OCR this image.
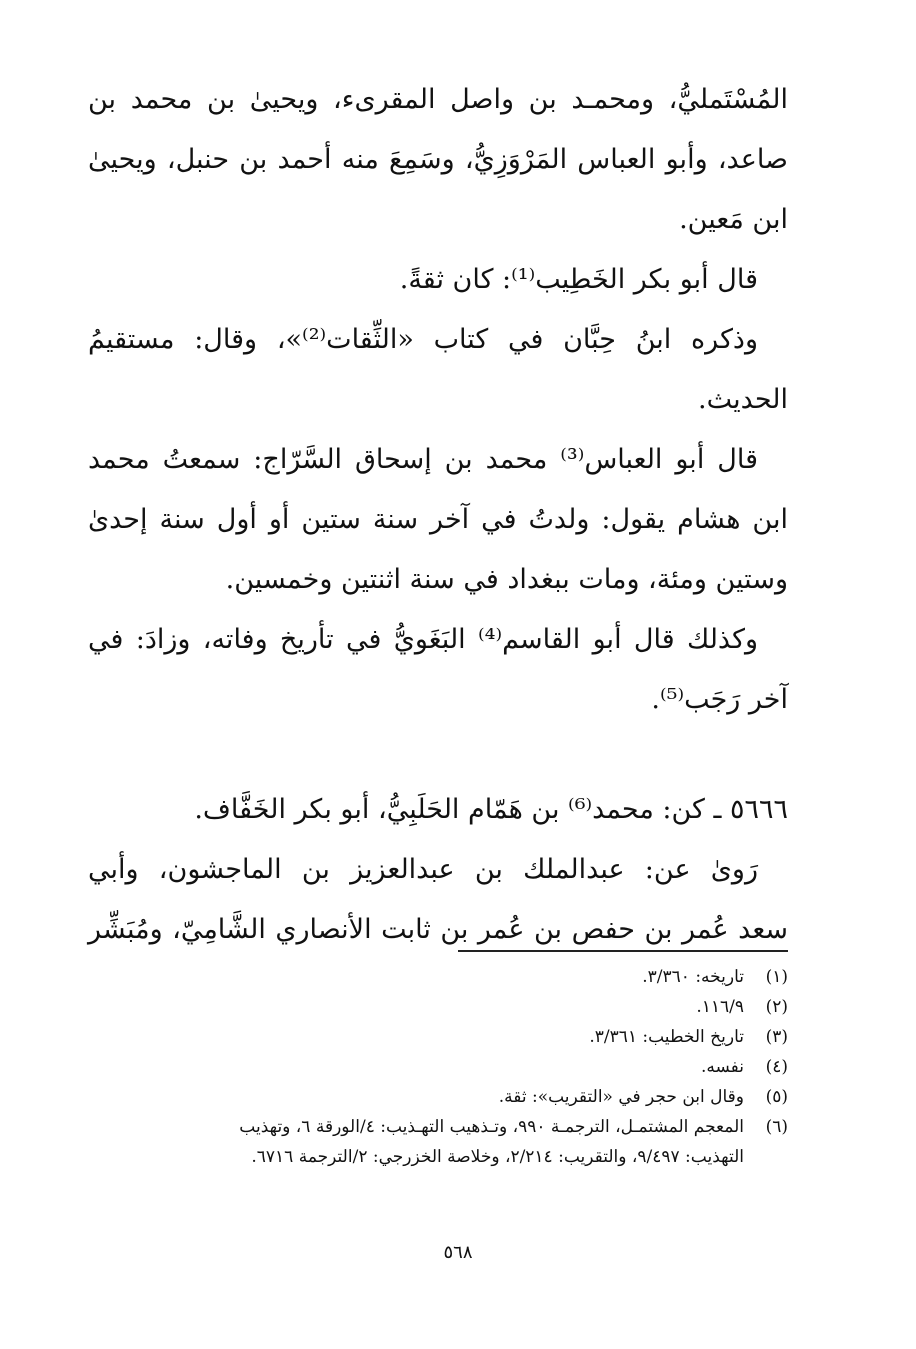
المُسْتَمليُّ، ومحمـد بن واصل المقرىء، ويحيىٰ بن محمد بن
صاعد، وأبو العباس المَرْوَزِيُّ، وسَمِعَ منه أحمد بن حنبل، ويحيىٰ
ابن مَعين.
قال أبو بكر الخَطِيب⁽¹⁾: كان ثقةً.
وذكره ابنُ حِبَّان في كتاب «الثِّقات⁽²⁾»، وقال: مستقيمُ
الحديث.
قال أبو العباس⁽³⁾ محمد بن إسحاق السَّرّاج: سمعتُ محمد
ابن هشام يقول: ولدتُ في آخر سنة ستين أو أول سنة إحدىٰ
وستين ومئة، ومات ببغداد في سنة اثنتين وخمسين.
وكذلك قال أبو القاسم⁽⁴⁾ البَغَويُّ في تأريخ وفاته، وزادَ: في
آخر رَجَب⁽⁵⁾.
٥٦٦٦ ـ كن: محمد⁽⁶⁾ بن هَمّام الحَلَبِيُّ، أبو بكر الخَفَّاف.
رَوىٰ عن: عبدالملك بن عبدالعزيز بن الماجشون، وأبي
سعد عُمر بن حفص بن عُمر بن ثابت الأنصاري الشَّامِيّ، ومُبَشِّر
(١)
تاريخه: ٣/٣٦٠.
(٢)
١١٦/٩.
(٣)
تاريخ الخطيب: ٣/٣٦١.
(٤)
نفسه.
(٥)
وقال ابن حجر في «التقريب»: ثقة.
(٦)
المعجم المشتمـل، الترجمـة ٩٩٠، وتـذهيب التهـذيب: ٤/الورقة ٦، وتهذيب
التهذيب: ٩/٤٩٧، والتقريب: ٢/٢١٤، وخلاصة الخزرجي: ٢/الترجمة ٦٧١٦.
٥٦٨
